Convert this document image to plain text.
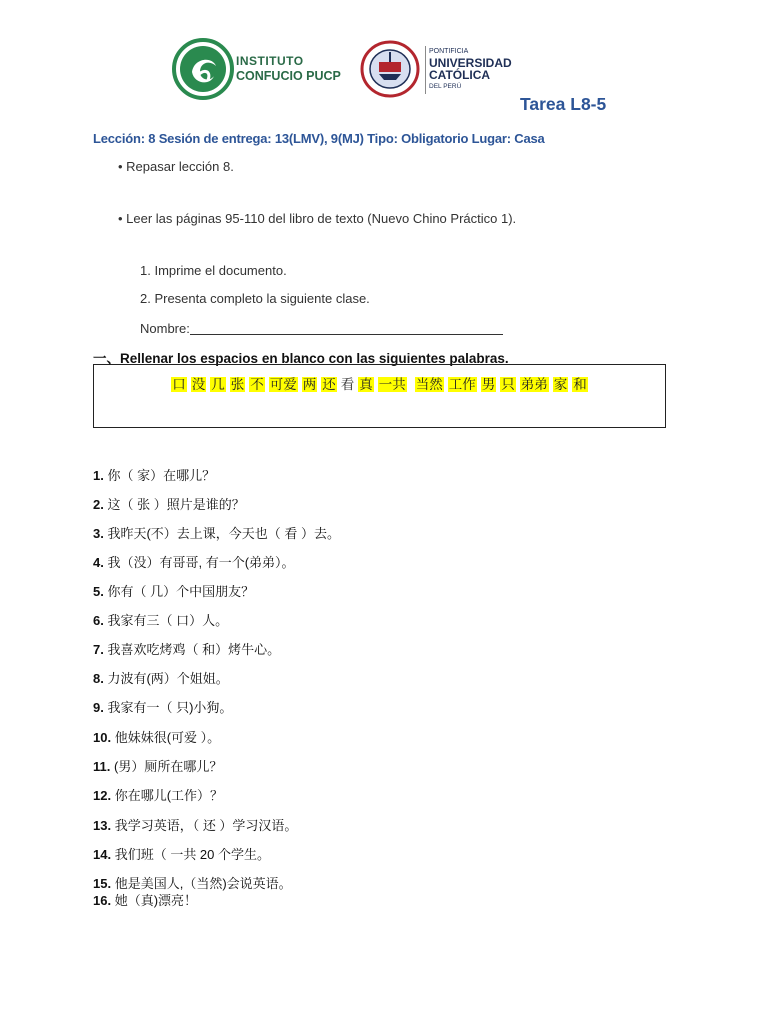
INSTITUTO
CONFUCIO PUCP
PONTIFICIA
UNIVERSIDAD
CATÓLICA
DEL PERÚ
Tarea L8-5
Lección: 8 Sesión de entrega: 13(LMV), 9(MJ) Tipo: Obligatorio Lugar: Casa
• Repasar lección 8.
• Leer las páginas 95-110 del libro de texto (Nuevo Chino Práctico 1).
1. Imprime el documento.
2. Presenta completo la siguiente clase.
Nombre:
一、Rellenar los espacios en blanco con las siguientes palabras.
口 没 几 张 不 可爱 两 还 看 真 一共 当然 工作 男 只 弟弟 家 和
1. 你（ 家）在哪儿？
2. 这（ 张 ）照片是谁的？
3. 我昨天(不）去上课，今天也（ 看 ）去。
4. 我（没）有哥哥, 有一个(弟弟）。
5. 你有（ 几）个中国朋友？
6. 我家有三（ 口）人。
7. 我喜欢吃烤鸡（ 和）烤牛心。
8. 力波有(两）个姐姐。
9. 我家有一（ 只)小狗。
10. 他妹妹很(可爱 ）。
11. (男）厕所在哪儿？
12. 你在哪儿(工作）？
13. 我学习英语，（ 还 ）学习汉语。
14. 我们班（ 一共 20 个学生。
15. 他是美国人,（当然)会说英语。
16. 她（真)漂亮！
